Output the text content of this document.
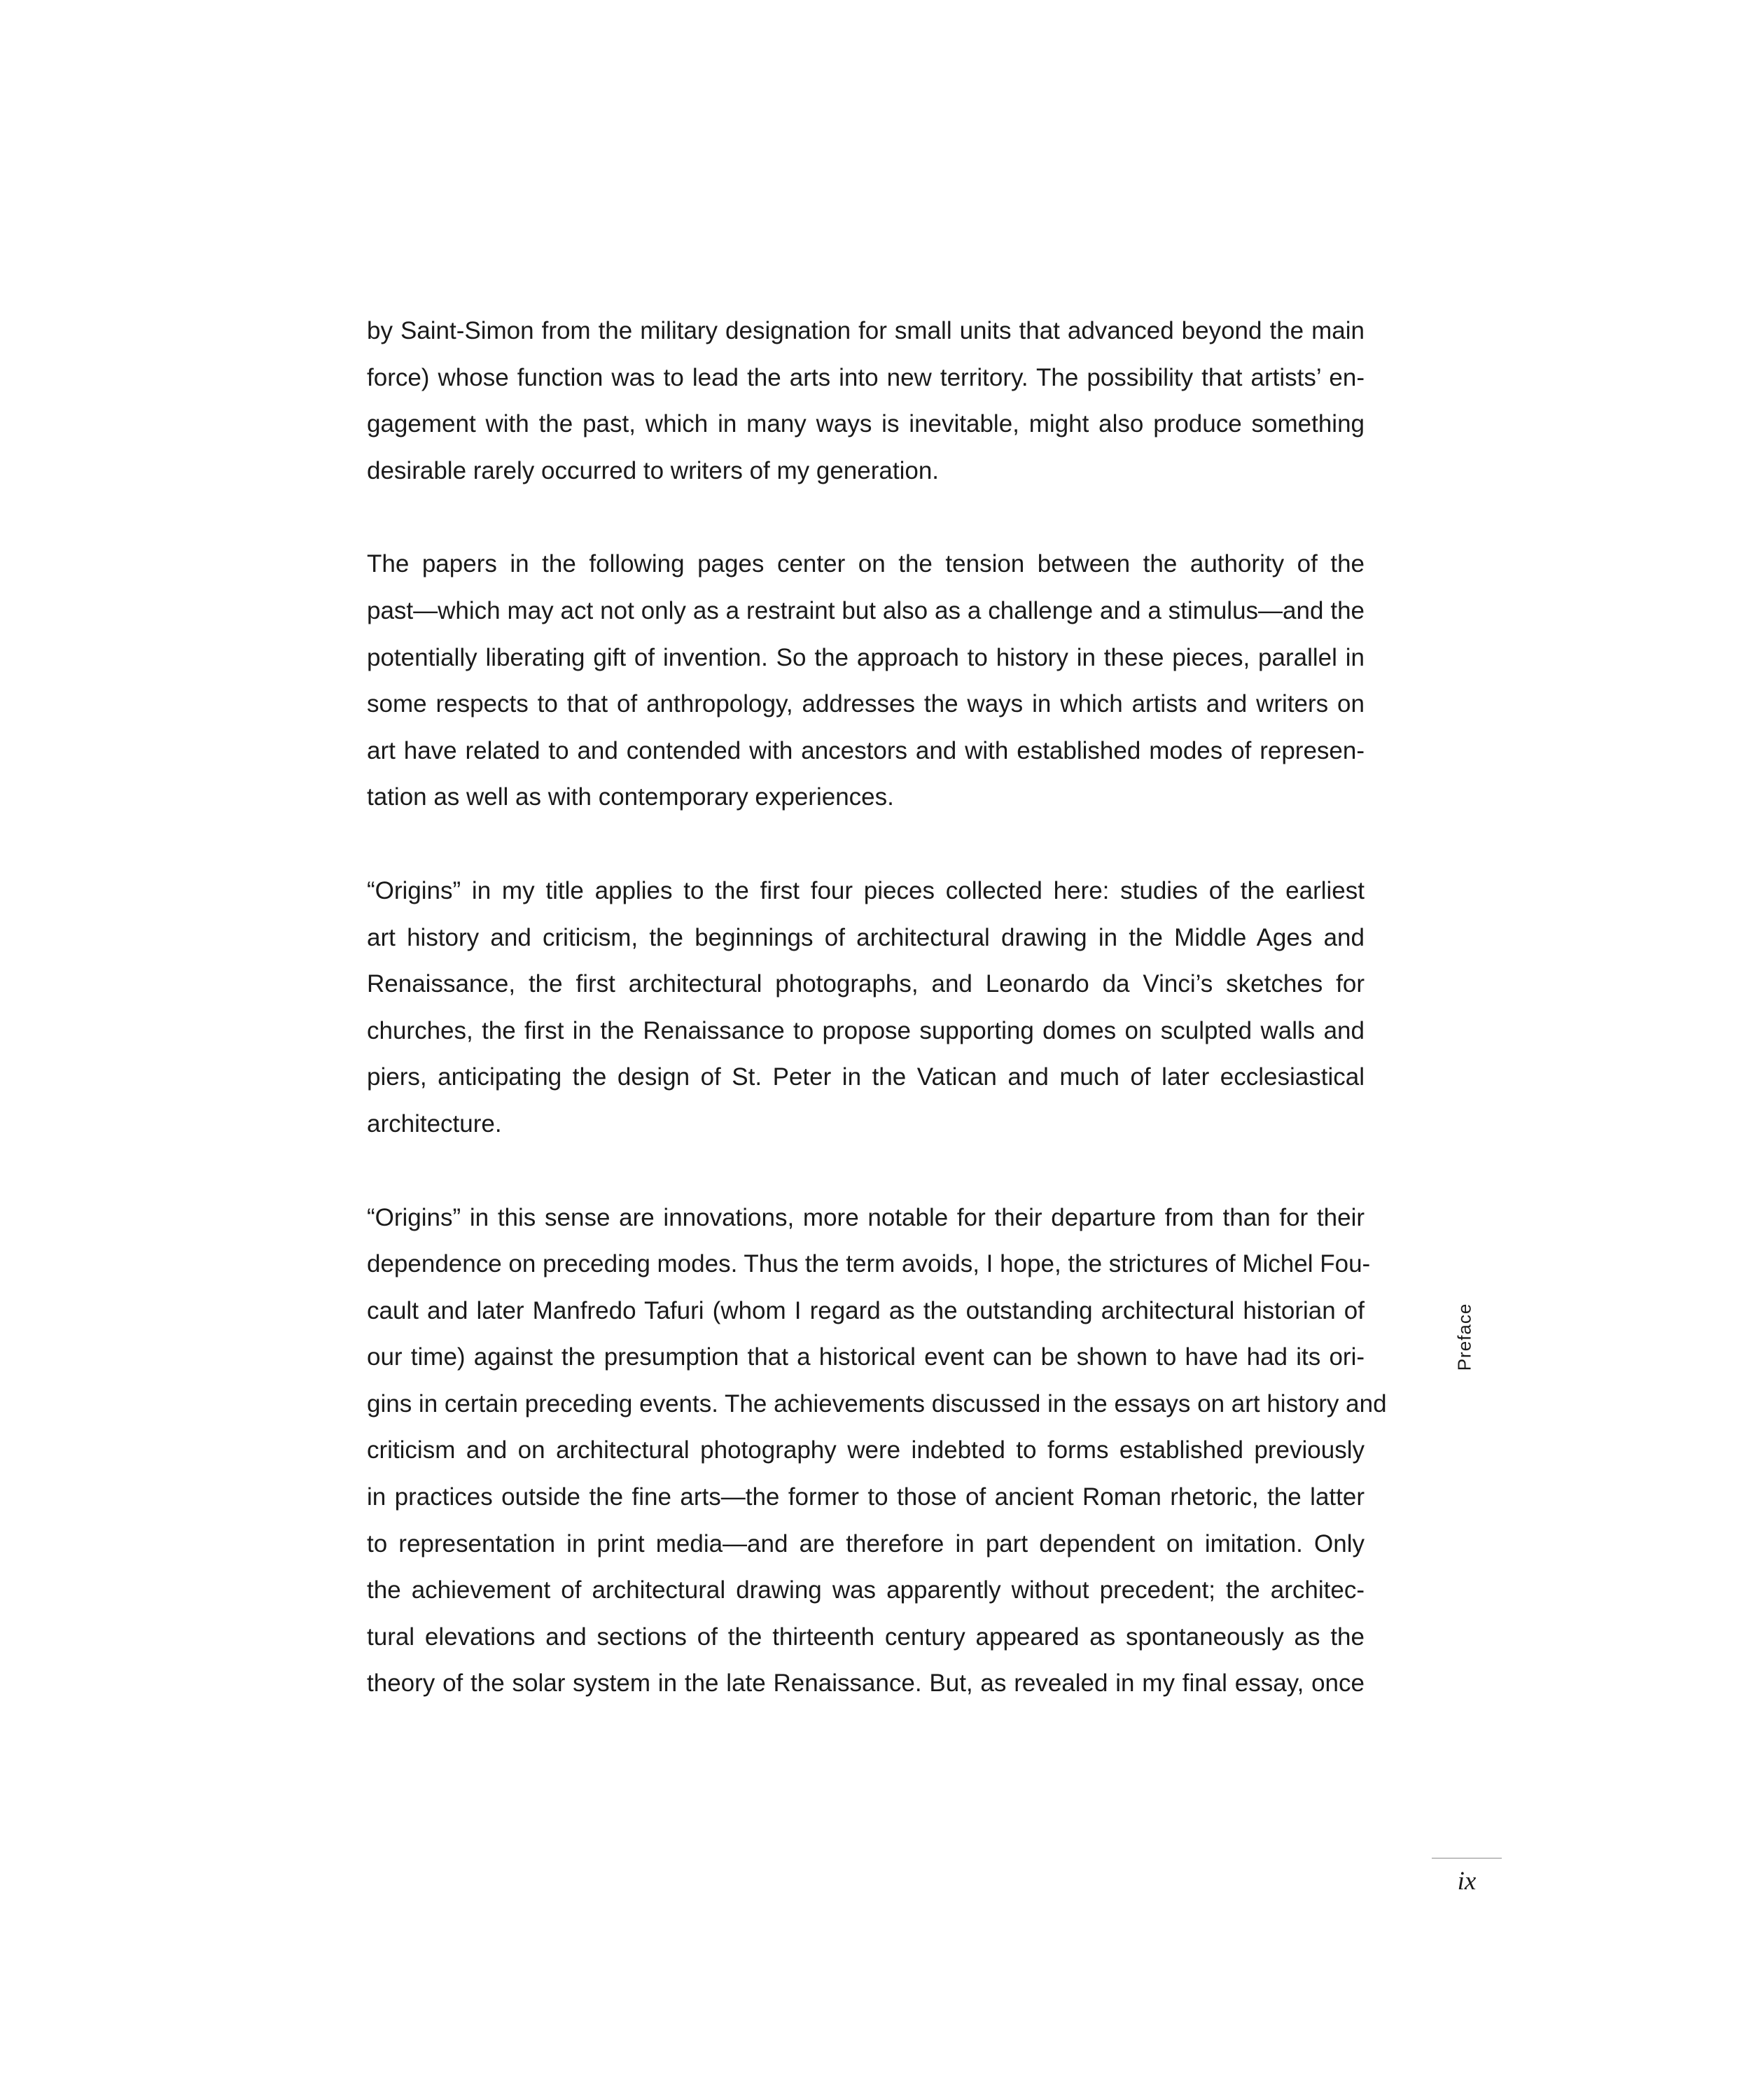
by Saint-Simon from the military designation for small units that advanced beyond the main
force) whose function was to lead the arts into new territory. The possibility that artists’ en-
gagement with the past, which in many ways is inevitable, might also produce something
desirable rarely occurred to writers of my generation.

The papers in the following pages center on the tension between the authority of the
past—which may act not only as a restraint but also as a challenge and a stimulus—and the
potentially liberating gift of invention. So the approach to history in these pieces, parallel in
some respects to that of anthropology, addresses the ways in which artists and writers on
art have related to and contended with ancestors and with established modes of represen-
tation as well as with contemporary experiences.

“Origins” in my title applies to the first four pieces collected here: studies of the earliest
art history and criticism, the beginnings of architectural drawing in the Middle Ages and
Renaissance, the first architectural photographs, and Leonardo da Vinci’s sketches for
churches, the first in the Renaissance to propose supporting domes on sculpted walls and
piers, anticipating the design of St. Peter in the Vatican and much of later ecclesiastical
architecture.

“Origins” in this sense are innovations, more notable for their departure from than for their
dependence on preceding modes. Thus the term avoids, I hope, the strictures of Michel Fou-
cault and later Manfredo Tafuri (whom I regard as the outstanding architectural historian of
our time) against the presumption that a historical event can be shown to have had its ori-
gins in certain preceding events. The achievements discussed in the essays on art history and
criticism and on architectural photography were indebted to forms established previously
in practices outside the fine arts—the former to those of ancient Roman rhetoric, the latter
to representation in print media—and are therefore in part dependent on imitation. Only
the achievement of architectural drawing was apparently without precedent; the architec-
tural elevations and sections of the thirteenth century appeared as spontaneously as the
theory of the solar system in the late Renaissance. But, as revealed in my final essay, once

Preface
ix
